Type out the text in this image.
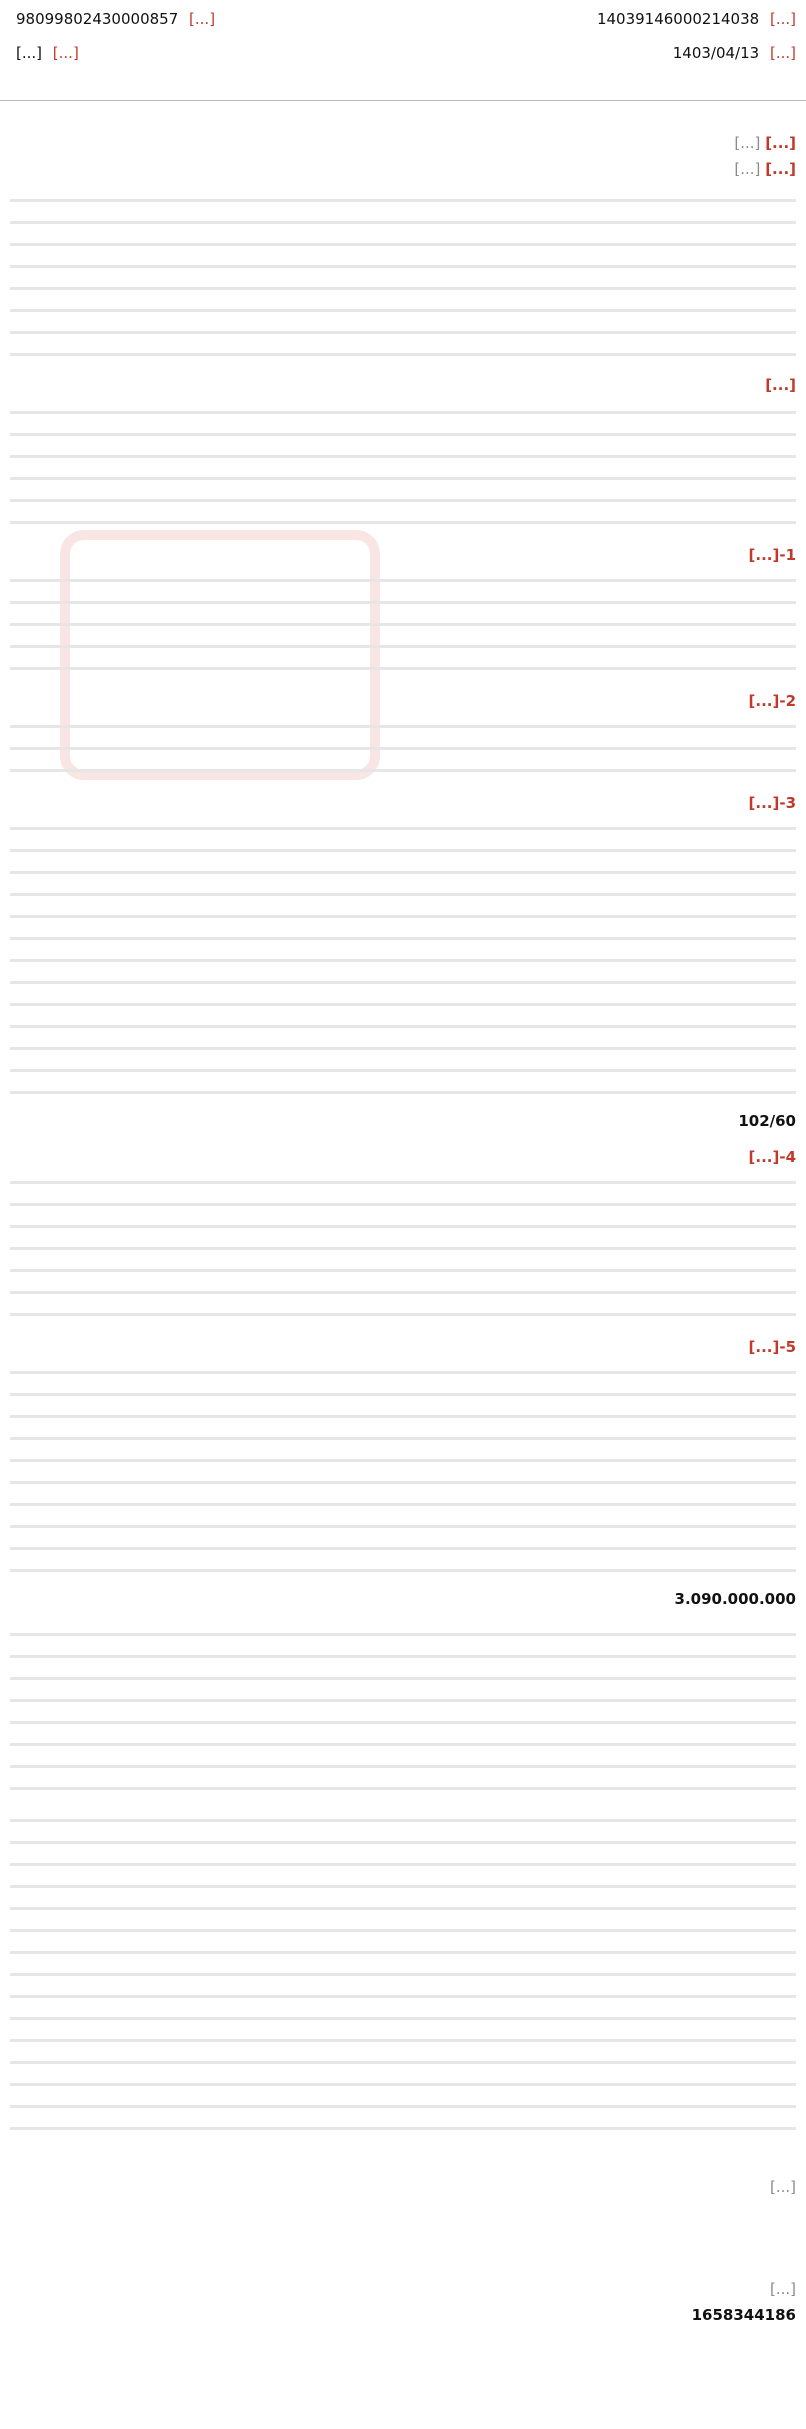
14039146000214038 [...]
98099802430000857 [...]
1403/04/13 [...]
[...] [...]
[...] [...]
[...] [...]
[...]
1-[...]
2-[...]
3-[...]
102/60
4-[...]
5-[...]
3.090.000.000
[...]
[...]
1658344186
